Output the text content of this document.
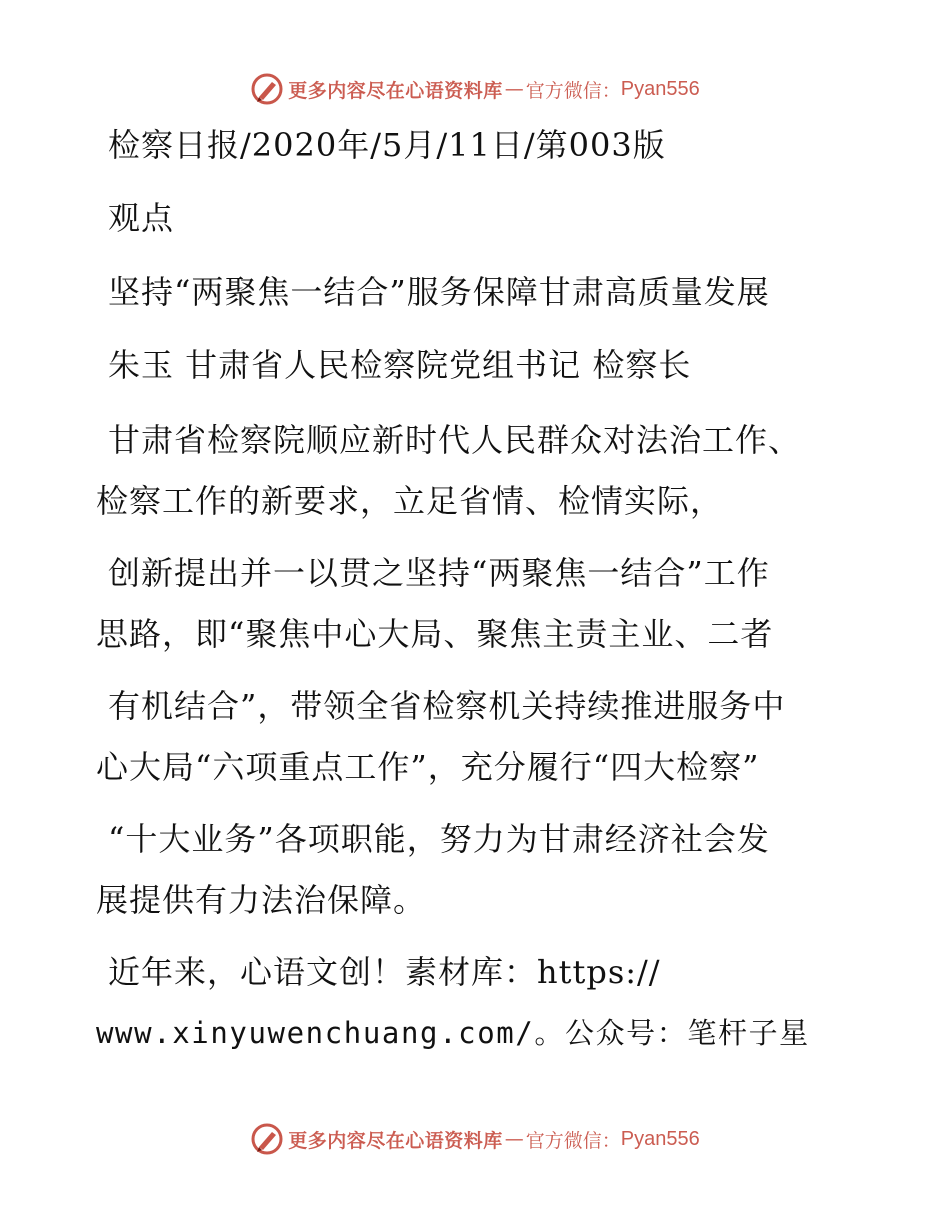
更多内容尽在心语资料库 — 官方微信： Pyan556
检察日报/2020年/5月/11日/第003版
观点
坚持“两聚焦一结合”服务保障甘肃高质量发展
朱玉 甘肃省人民检察院党组书记 检察长
甘肃省检察院顺应新时代人民群众对法治工作、
检察工作的新要求，立足省情、检情实际，
创新提出并一以贯之坚持“两聚焦一结合”工作
思路，即“聚焦中心大局、聚焦主责主业、二者
有机结合”，带领全省检察机关持续推进服务中
心大局“六项重点工作”，充分履行“四大检察”
“十大业务”各项职能，努力为甘肃经济社会发
展提供有力法治保障。
近年来，心语文创！素材库：https://
www.xinyuwenchuang.com/。公众号：笔杆子星
更多内容尽在心语资料库 — 官方微信： Pyan556
